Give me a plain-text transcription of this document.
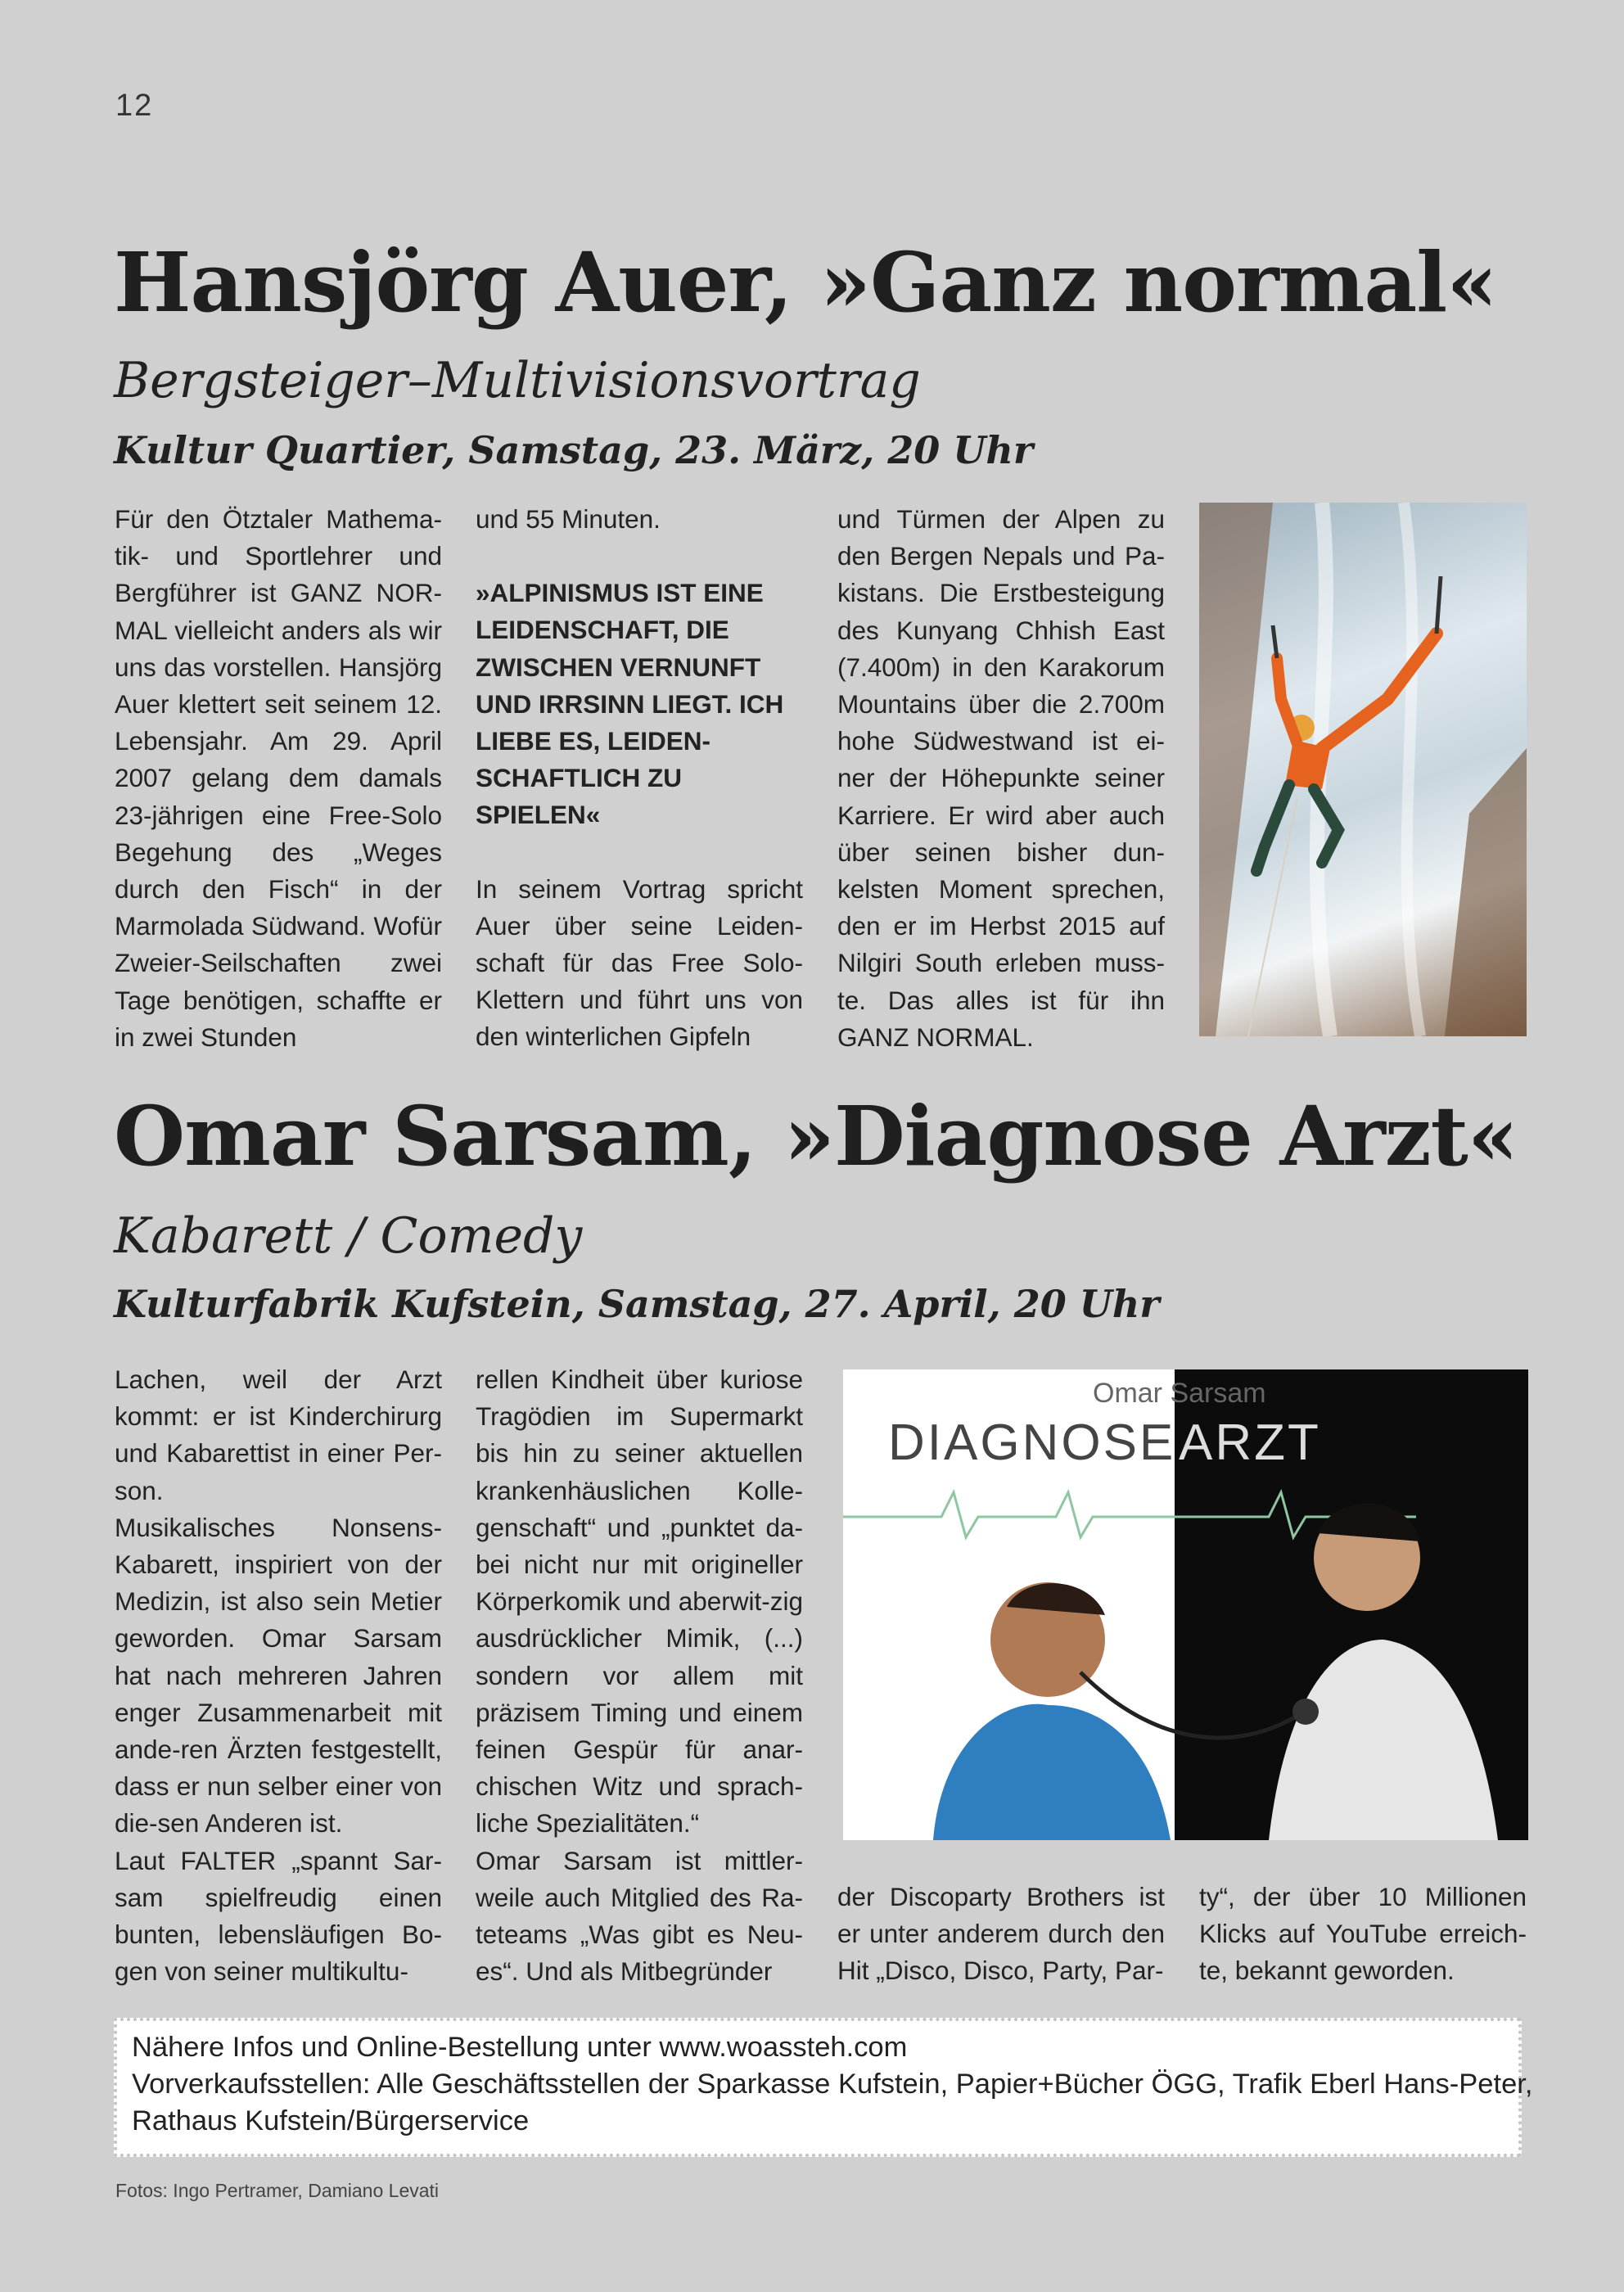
12
Hansjörg Auer, »Ganz normal«
Bergsteiger–Multivisionsvortrag
Kultur Quartier, Samstag, 23. März, 20 Uhr

Für den Ötztaler Mathema-tik- und Sportlehrer und Bergführer ist GANZ NOR-MAL vielleicht anders als wir uns das vorstellen. Hansjörg Auer klettert seit seinem 12. Lebensjahr. Am 29. April 2007 gelang dem damals 23-jährigen eine Free-Solo Begehung des „Weges durch den Fisch“ in der Marmolada Südwand. Wofür Zweier-Seilschaften zwei Tage benötigen, schaffte er in zwei Stunden

und 55 Minuten.

»ALPINISMUS IST EINE LEIDENSCHAFT, DIE ZWISCHEN VERNUNFT UND IRRSINN LIEGT. ICH LIEBE ES, LEIDEN-SCHAFTLICH ZU SPIELEN«

In seinem Vortrag spricht Auer über seine Leiden-schaft für das Free Solo-Klettern und führt uns von den winterlichen Gipfeln

und Türmen der Alpen zu den Bergen Nepals und Pa-kistans. Die Erstbesteigung des Kunyang Chhish East (7.400m) in den Karakorum Mountains über die 2.700m hohe Südwestwand ist ei-ner der Höhepunkte seiner Karriere. Er wird aber auch über seinen bisher dun-kelsten Moment sprechen, den er im Herbst 2015 auf Nilgiri South erleben muss-te. Das alles ist für ihn GANZ NORMAL.

Omar Sarsam, »Diagnose Arzt«
Kabarett / Comedy
Kulturfabrik Kufstein, Samstag, 27. April, 20 Uhr

Lachen, weil der Arzt kommt: er ist Kinderchirurg und Kabarettist in einer Per-son.

Musikalisches Nonsens-Kabarett, inspiriert von der Medizin, ist also sein Metier geworden. Omar Sarsam hat nach mehreren Jahren enger Zusammenarbeit mit ande-ren Ärzten festgestellt, dass er nun selber einer von die-sen Anderen ist.

Laut FALTER „spannt Sar-sam spielfreudig einen bunten, lebensläufigen Bo-gen von seiner multikultu-

rellen Kindheit über kuriose Tragödien im Supermarkt bis hin zu seiner aktuellen krankenhäuslichen Kolle-genschaft“ und „punktet da-bei nicht nur mit origineller Körperkomik und aberwit-zig ausdrücklicher Mimik, (...) sondern vor allem mit präzisem Timing und einem feinen Gespür für anar-chischen Witz und sprach-liche Spezialitäten.“

Omar Sarsam ist mittler-weile auch Mitglied des Ra-teteams „Was gibt es Neu-es“. Und als Mitbegründer

der Discoparty Brothers ist er unter anderem durch den Hit „Disco, Disco, Party, Par-

ty“, der über 10 Millionen Klicks auf YouTube erreich-te, bekannt geworden.

Omar Sarsam
DIAGNOSE ARZT
Nähere Infos und Online-Bestellung unter www.woassteh.com
Vorverkaufsstellen: Alle Geschäftsstellen der Sparkasse Kufstein, Papier+Bücher ÖGG, Trafik Eberl Hans-Peter,
Rathaus Kufstein/Bürgerservice
Fotos: Ingo Pertramer, Damiano Levati
